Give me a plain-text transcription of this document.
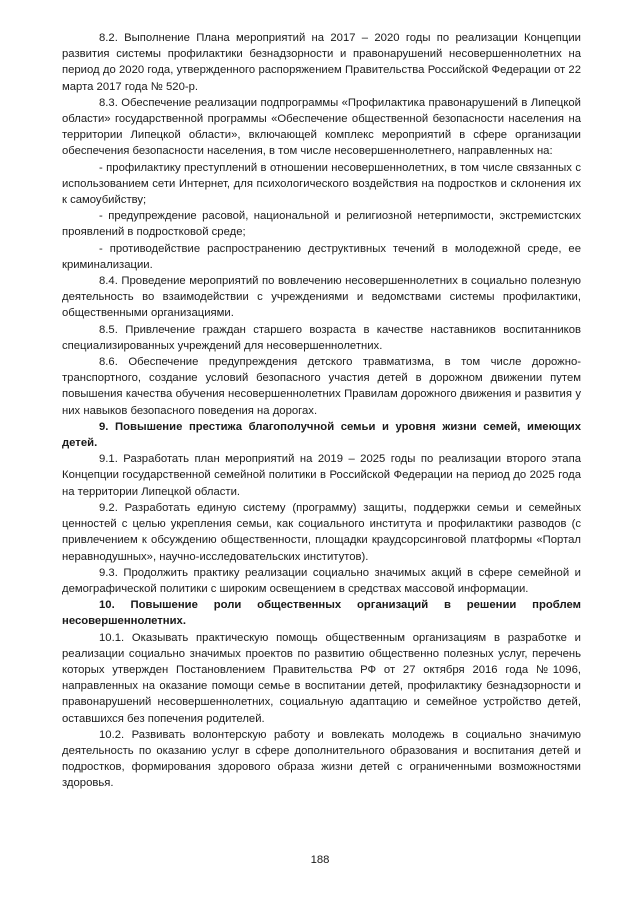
8.2. Выполнение Плана мероприятий на 2017 – 2020 годы по реализации Концепции развития системы профилактики безнадзорности и правонарушений несовершеннолетних на период до 2020 года, утвержденного распоряжением Правительства Российской Федерации от 22 марта 2017 года № 520-р.

8.3. Обеспечение реализации подпрограммы «Профилактика правонарушений в Липецкой области» государственной программы «Обеспечение общественной безопасности населения на территории Липецкой области», включающей комплекс мероприятий в сфере организации обеспечения безопасности населения, в том числе несовершеннолетнего, направленных на:

- профилактику преступлений в отношении несовершеннолетних, в том числе связанных с использованием сети Интернет, для психологического воздействия на подростков и склонения их к самоубийству;

- предупреждение расовой, национальной и религиозной нетерпимости, экстремистских проявлений в подростковой среде;

- противодействие распространению деструктивных течений в молодежной среде, ее криминализации.

8.4. Проведение мероприятий по вовлечению несовершеннолетних в социально полезную деятельность во взаимодействии с учреждениями и ведомствами системы профилактики, общественными организациями.

8.5. Привлечение граждан старшего возраста в качестве наставников воспитанников специализированных учреждений для несовершеннолетних.

8.6. Обеспечение предупреждения детского травматизма, в том числе дорожно-транспортного, создание условий безопасного участия детей в дорожном движении путем повышения качества обучения несовершеннолетних Правилам дорожного движения и развития у них навыков безопасного поведения на дорогах.

9. Повышение престижа благополучной семьи и уровня жизни семей, имеющих детей.

9.1. Разработать план мероприятий на 2019 – 2025 годы по реализации второго этапа Концепции государственной семейной политики в Российской Федерации на период до 2025 года на территории Липецкой области.

9.2. Разработать единую систему (программу) защиты, поддержки семьи и семейных ценностей с целью укрепления семьи, как социального института и профилактики разводов (с привлечением к обсуждению общественности, площадки краудсорсинговой платформы «Портал неравнодушных», научно-исследовательских институтов).

9.3. Продолжить практику реализации социально значимых акций в сфере семейной и демографической политики с широким освещением в средствах массовой информации.

10. Повышение роли общественных организаций в решении проблем несовершеннолетних.

10.1. Оказывать практическую помощь общественным организациям в разработке и реализации социально значимых проектов по развитию общественно полезных услуг, перечень которых утвержден Постановлением Правительства РФ от 27 октября 2016 года №1096, направленных на оказание помощи семье в воспитании детей, профилактику безнадзорности и правонарушений несовершеннолетних, социальную адаптацию и семейное устройство детей, оставшихся без попечения родителей.

10.2. Развивать волонтерскую работу и вовлекать молодежь в социально значимую деятельность по оказанию услуг в сфере дополнительного образования и воспитания детей и подростков, формирования здорового образа жизни детей с ограниченными возможностями здоровья.

188
